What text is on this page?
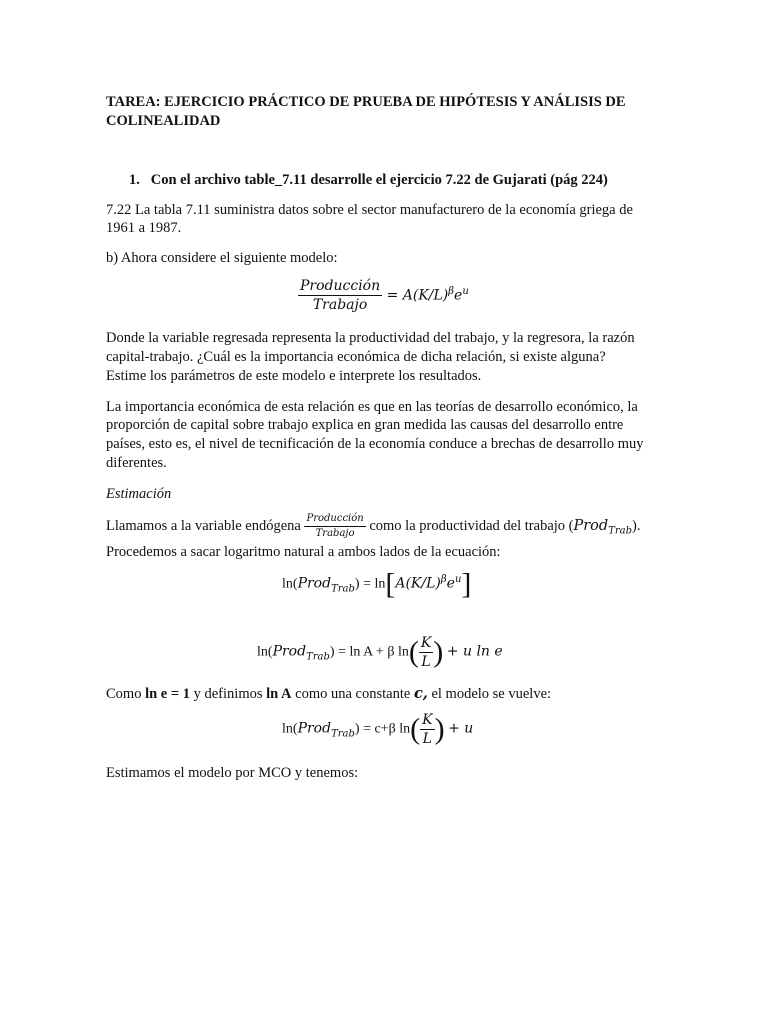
TAREA: EJERCICIO PRÁCTICO DE PRUEBA DE HIPÓTESIS Y ANÁLISIS DE
COLINEALIDAD
1. Con el archivo table_7.11 desarrolle el ejercicio 7.22 de Gujarati (pág 224)
7.22 La tabla 7.11 suministra datos sobre el sector manufacturero de la economía griega de
1961 a 1987.
b) Ahora considere el siguiente modelo:
$\frac{\text{Producción}}{\text{Trabajo}} = A(K/L)^\beta e^u$
Donde la variable regresada representa la productividad del trabajo, y la regresora, la razón
capital-trabajo. ¿Cuál es la importancia económica de dicha relación, si existe alguna?
Estime los parámetros de este modelo e interprete los resultados.
La importancia económica de esta relación es que en las teorías de desarrollo económico, la
proporción de capital sobre trabajo explica en gran medida las causas del desarrollo entre
países, esto es, el nivel de tecnificación de la economía conduce a brechas de desarrollo muy
diferentes.
Estimación
Llamamos a la variable endógena $\frac{\text{Producción}}{\text{Trabajo}}$ como la productividad del trabajo (Prod$_{Trab}$).
Procedemos a sacar logaritmo natural a ambos lados de la ecuación:
ln(Prod$_{Trab}$) = $\ln[A(K/L)^\beta e^u]$
ln(Prod$_{Trab}$) = ln A + β $\ln( \frac{K}{L}$ ) + u ln e
Como ln e = 1 y definimos ln A como una constante c, el modelo se vuelve:
ln(Prod$_{Trab}$) = c+β $\ln( \frac{K}{L}$ ) + u
Estimamos el modelo por MCO y tenemos:
